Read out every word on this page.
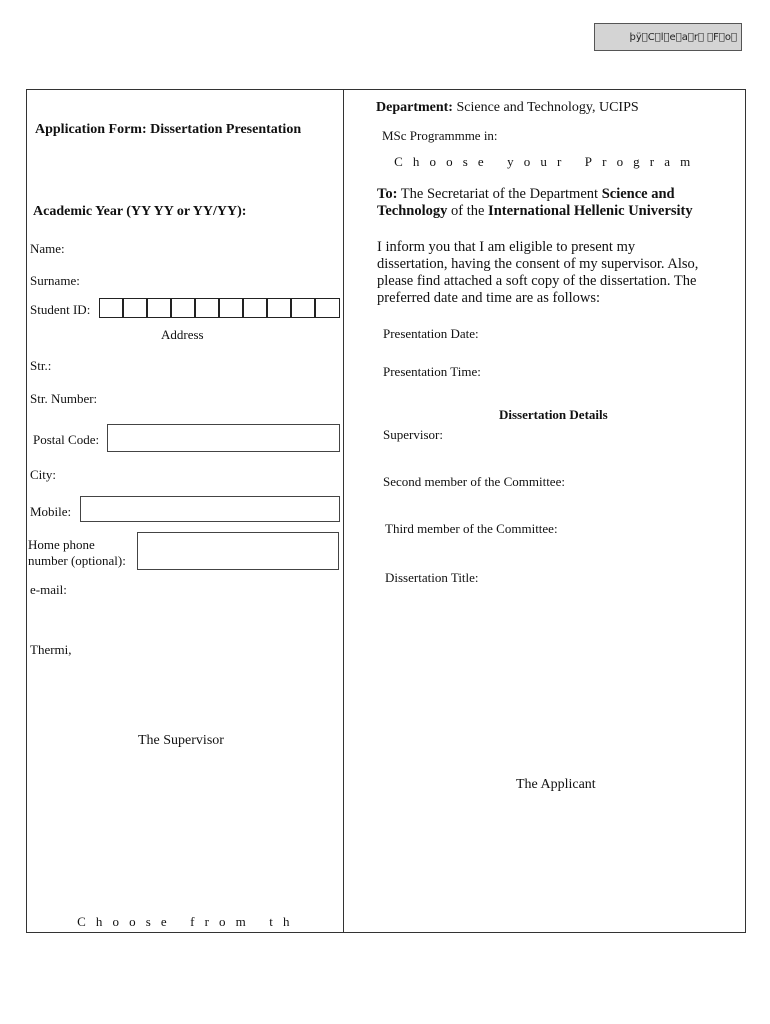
þÿ C l e a r   F o 
Application Form: Dissertation Presentation
Academic Year (YY YY or YY/YY):
Name:
Surname:
Student ID:
Address
Str.:
Str. Number:
Postal Code:
City:
Mobile:
Home phone
number (optional):
e-mail:
Thermi,
The Supervisor
 C h o o s e   f r o m   t h
Department: Science and Technology, UCIPS
MSc Programmme in:
 C h o o s e   y o u r   P r o g r a m 
To: The Secretariat of the Department Science and
Technology of the International Hellenic University
I inform you that I am eligible to present my
dissertation, having the consent of my supervisor. Also,
please find attached a soft copy of the dissertation. The
preferred date and time are as follows:
Presentation Date:
Presentation Time:
Dissertation Details
Supervisor:
Second member of the Committee:
Third member of the Committee:
Dissertation Title:
The Applicant
